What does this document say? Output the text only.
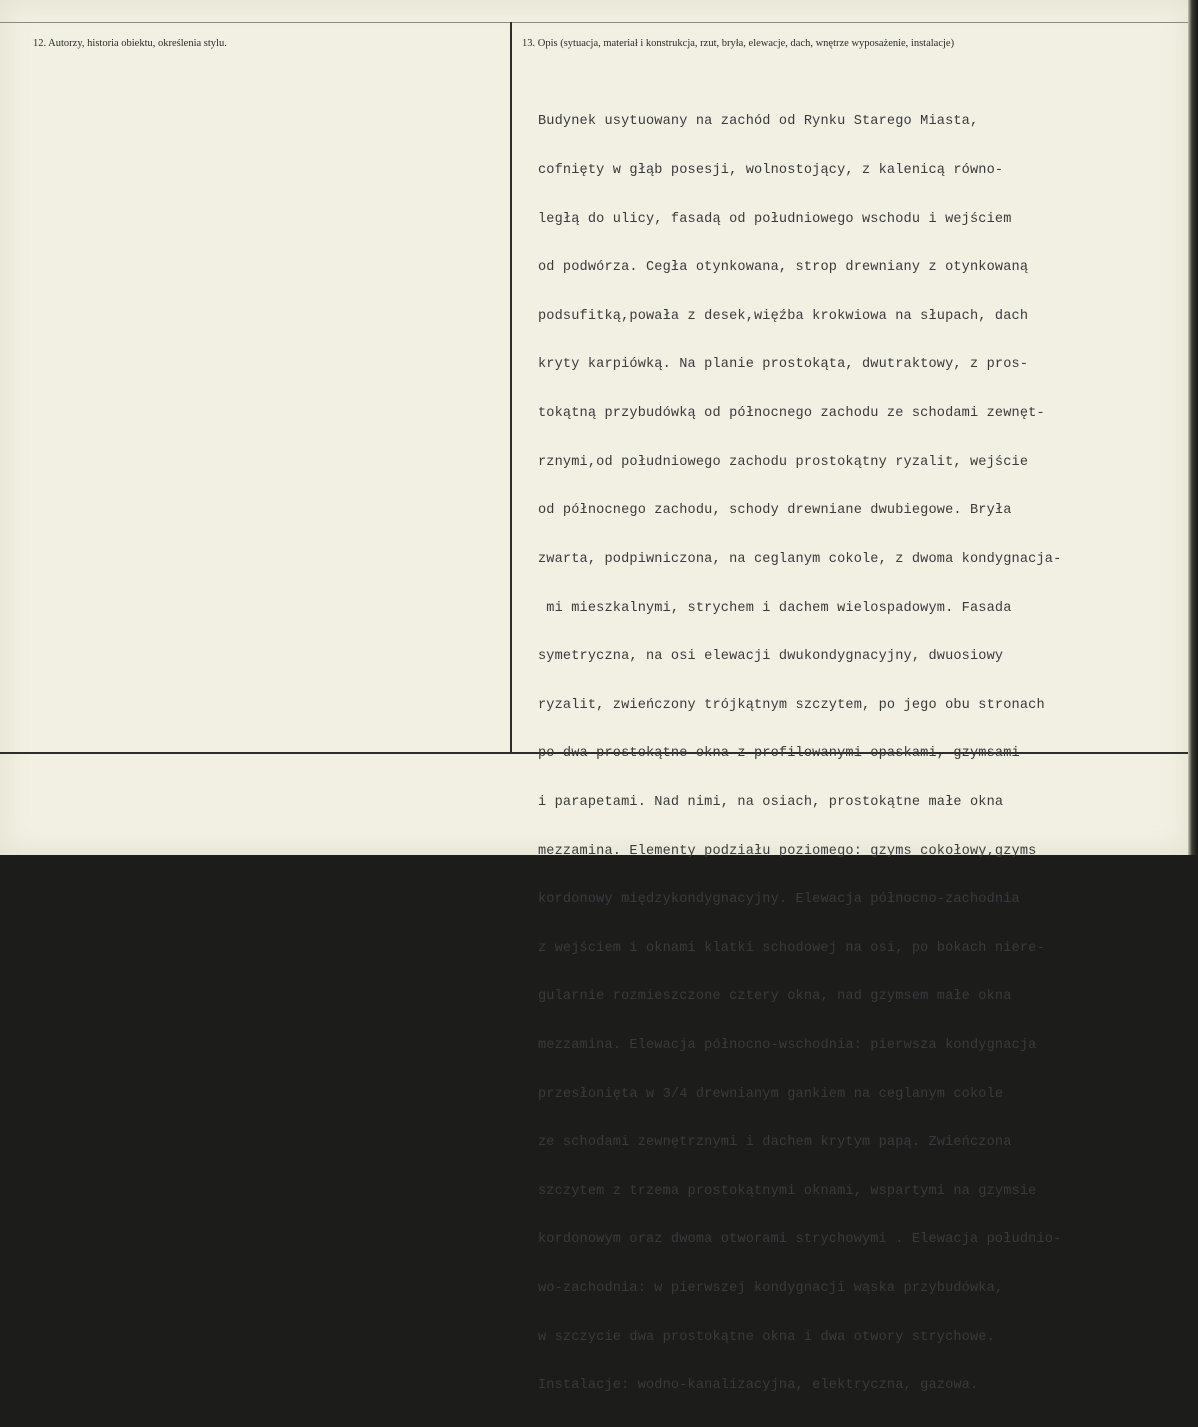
12. Autorzy, historia obiektu, określenia stylu.	13. Opis (sytuacja, materiał i konstrukcja, rzut, bryła, elewacje, dach, wnętrze wyposażenie, instalacje)

Budynek usytuowany na zachód od Rynku Starego Miasta,

cofnięty w głąb posesji, wolnostojący, z kalenicą równo-

ległą do ulicy, fasadą od południowego wschodu i wejściem

od podwórza. Cegła otynkowana, strop drewniany z otynkowaną

podsufitką,powała z desek,więźba krokwiowa na słupach, dach

kryty karpiówką. Na planie prostokąta, dwutraktowy, z pros-

tokątną przybudówką od północnego zachodu ze schodami zewnęt-

rznymi,od południowego zachodu prostokątny ryzalit, wejście

od północnego zachodu, schody drewniane dwubiegowe. Bryła

zwarta, podpiwniczona, na ceglanym cokole, z dwoma kondygnacja-

mi mieszkalnymi, strychem i dachem wielospadowym. Fasada

symetryczna, na osi elewacji dwukondygnacyjny, dwuosiowy

ryzalit, zwieńczony trójkątnym szczytem, po jego obu stronach

po dwa prostokątne okna z profilowanymi opaskami, gzymsami

i parapetami. Nad nimi, na osiach, prostokątne małe okna

mezzamina. Elementy podziału poziomego: gzyms cokołowy,gzyms

kordonowy międzykondygnacyjny. Elewacja północno-zachodnia

z wejściem i oknami klatki schodowej na osi, po bokach niere-

gularnie rozmieszczone cztery okna, nad gzymsem małe okna

mezzamina. Elewacja północno-wschodnia: pierwsza kondygnacja

przesłonięta w 3/4 drewnianym gankiem na ceglanym cokole

ze schodami zewnętrznymi i dachem krytym papą. Zwieńczona

szczytem z trzema prostokątnymi oknami, wspartymi na gzymsie

kordonowym oraz dwoma otworami strychowymi . Elewacja południo-

wo-zachodnia: w pierwszej kondygnacji wąska przybudówka,

w szczycie dwa prostokątne okna i dwa otwory strychowe.

Instalacje: wodno-kanalizacyjna, elektryczna, gazowa.
